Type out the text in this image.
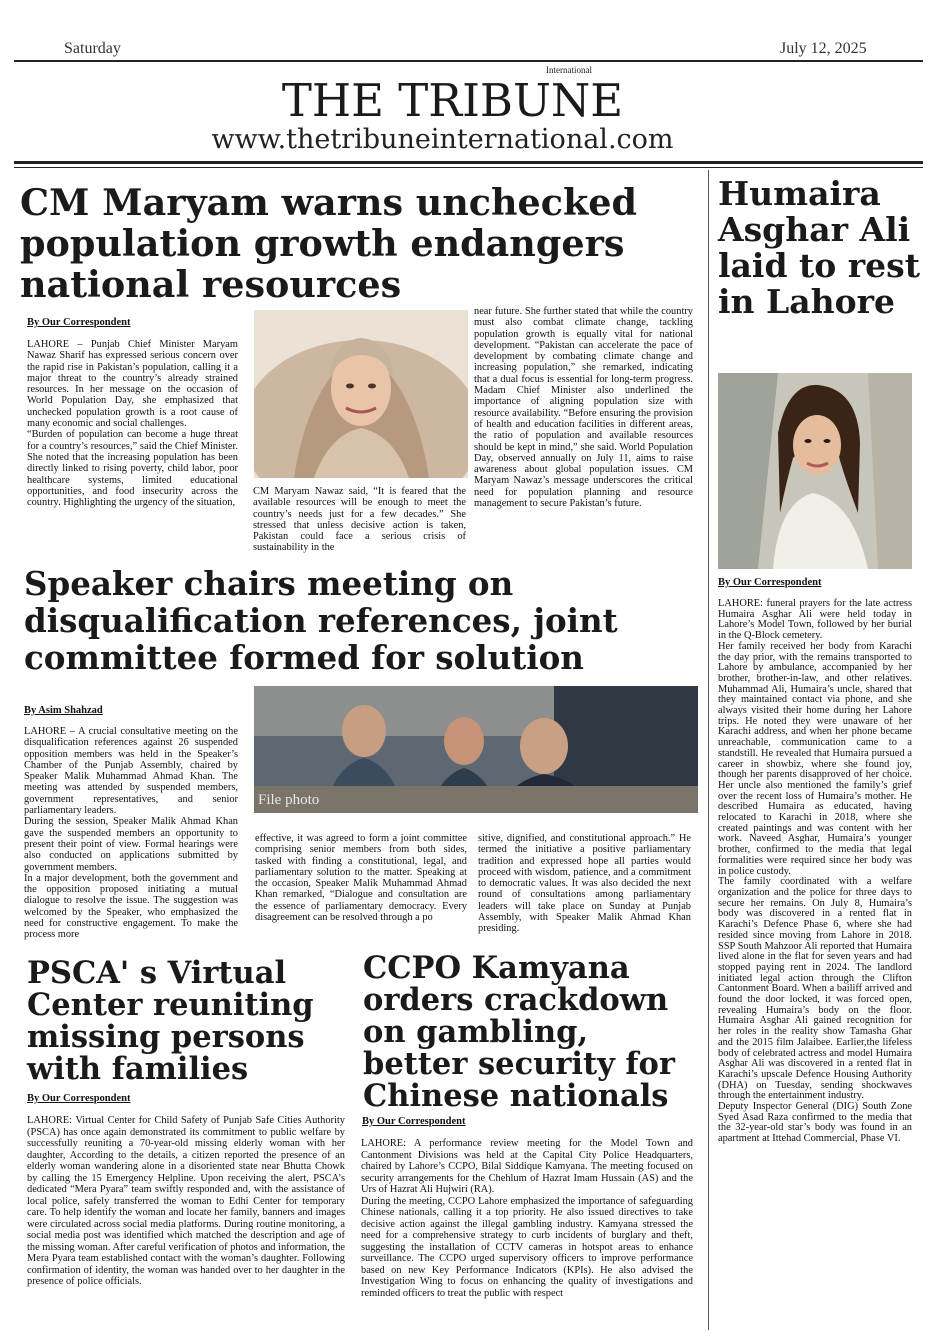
Saturday	July 12, 2025
International
THE TRIBUNE
www.thetribuneinternational.com
CM Maryam warns unchecked population growth endangers national resources

By Our Correspondent

LAHORE – Punjab Chief Minister Maryam Nawaz Sharif has expressed serious concern over the rapid rise in Pakistan’s population, calling it a major threat to the country’s already strained resources. In her message on the occasion of World Population Day, she emphasized that unchecked population growth is a root cause of many economic and social challenges.
“Burden of population can become a huge threat for a country’s resources,” said the Chief Minister. She noted that the increasing population has been directly linked to rising poverty, child labor, poor healthcare systems, limited educational opportunities, and food insecurity across the country. Highlighting the urgency of the situation,

CM Maryam Nawaz said, “It is feared that the available resources will be enough to meet the country’s needs just for a few decades.” She stressed that unless decisive action is taken, Pakistan could face a serious crisis of sustainability in the

near future. She further stated that while the country must also combat climate change, tackling population growth is equally vital for national development. “Pakistan can accelerate the pace of development by combating climate change and increasing population,” she remarked, indicating that a dual focus is essential for long-term progress. Madam Chief Minister also underlined the importance of aligning population size with resource availability. “Before ensuring the provision of health and education facilities in different areas, the ratio of population and available resources should be kept in mind,” she said. World Population Day, observed annually on July 11, aims to raise awareness about global population issues. CM Maryam Nawaz’s message underscores the critical need for population planning and resource management to secure Pakistan’s future.

Humaira Asghar Ali laid to rest in Lahore

By Our Correspondent

LAHORE: funeral prayers for the late actress Humaira Asghar Ali were held today in Lahore’s Model Town, followed by her burial in the Q-Block cemetery.
Her family received her body from Karachi the day prior, with the remains transported to Lahore by ambulance, accompanied by her brother, brother-in-law, and other relatives. Muhammad Ali, Humaira’s uncle, shared that they maintained contact via phone, and she always visited their home during her Lahore trips. He noted they were unaware of her Karachi address, and when her phone became unreachable, communication came to a standstill. He revealed that Humaira pursued a career in showbiz, where she found joy, though her parents disapproved of her choice. Her uncle also mentioned the family’s grief over the recent loss of Humaira’s mother. He described Humaira as educated, having relocated to Karachi in 2018, where she created paintings and was content with her work. Naveed Asghar, Humaira’s younger brother, confirmed to the media that legal formalities were required since her body was in police custody.
The family coordinated with a welfare organization and the police for three days to secure her remains. On July 8, Humaira’s body was discovered in a rented flat in Karachi’s Defence Phase 6, where she had resided since moving from Lahore in 2018. SSP South Mahzoor Ali reported that Humaira lived alone in the flat for seven years and had stopped paying rent in 2024. The landlord initiated legal action through the Clifton Cantonment Board. When a bailiff arrived and found the door locked, it was forced open, revealing Humaira’s body on the floor. Humaira Asghar Ali gained recognition for her roles in the reality show Tamasha Ghar and the 2015 film Jalaibee. Earlier,the lifeless body of celebrated actress and model Humaira Asghar Ali was discovered in a rented flat in Karachi’s upscale Defence Housing Authority (DHA) on Tuesday, sending shockwaves through the entertainment industry.
Deputy Inspector General (DIG) South Zone Syed Asad Raza confirmed to the media that the 32-year-old star’s body was found in an apartment at Ittehad Commercial, Phase VI.

Speaker chairs meeting on disqualification references, joint committee formed for solution

By Asim Shahzad

LAHORE – A crucial consultative meeting on the disqualification references against 26 suspended opposition members was held in the Speaker’s Chamber of the Punjab Assembly, chaired by Speaker Malik Muhammad Ahmad Khan. The meeting was attended by suspended members, government representatives, and senior parliamentary leaders.
During the session, Speaker Malik Ahmad Khan gave the suspended members an opportunity to present their point of view. Formal hearings were also conducted on applications submitted by government members.
In a major development, both the government and the opposition proposed initiating a mutual dialogue to resolve the issue. The suggestion was welcomed by the Speaker, who emphasized the need for constructive engagement. To make the process more

File photo

effective, it was agreed to form a joint committee comprising senior members from both sides, tasked with finding a constitutional, legal, and parliamentary solution to the matter. Speaking at the occasion, Speaker Malik Muhammad Ahmad Khan remarked, “Dialogue and consultation are the essence of parliamentary democracy. Every disagreement can be resolved through a po

sitive, dignified, and constitutional approach.” He termed the initiative a positive parliamentary tradition and expressed hope all parties would proceed with wisdom, patience, and a commitment to democratic values. It was also decided the next round of consultations among parliamentary leaders will take place on Sunday at Punjab Assembly, with Speaker Malik Ahmad Khan presiding.

PSCA' s Virtual Center reuniting missing persons with families

By Our Correspondent

LAHORE: Virtual Center for Child Safety of Punjab Safe Cities Authority (PSCA) has once again demonstrated its commitment to public welfare by successfully reuniting a 70-year-old missing elderly woman with her daughter, According to the details, a citizen reported the presence of an elderly woman wandering alone in a disoriented state near Bhutta Chowk by calling the 15 Emergency Helpline. Upon receiving the alert, PSCA’s dedicated “Mera Pyara” team swiftly responded and, with the assistance of local police, safely transferred the woman to Edhi Center for temporary care. To help identify the woman and locate her family, banners and images were circulated across social media platforms. During routine monitoring, a social media post was identified which matched the description and age of the missing woman. After careful verification of photos and information, the Mera Pyara team established contact with the woman’s daughter. Following confirmation of identity, the woman was handed over to her daughter in the presence of police officials.

CCPO Kamyana orders crackdown on gambling, better security for Chinese nationals

By Our Correspondent

LAHORE: A performance review meeting for the Model Town and Cantonment Divisions was held at the Capital City Police Headquarters, chaired by Lahore’s CCPO, Bilal Siddique Kamyana. The meeting focused on security arrangements for the Chehlum of Hazrat Imam Hussain (AS) and the Urs of Hazrat Ali Hujwiri (RA).
During the meeting, CCPO Lahore emphasized the importance of safeguarding Chinese nationals, calling it a top priority. He also issued directives to take decisive action against the illegal gambling industry. Kamyana stressed the need for a comprehensive strategy to curb incidents of burglary and theft, suggesting the installation of CCTV cameras in hotspot areas to enhance surveillance. The CCPO urged supervisory officers to improve performance based on new Key Performance Indicators (KPIs). He also advised the Investigation Wing to focus on enhancing the quality of investigations and reminded officers to treat the public with respect
